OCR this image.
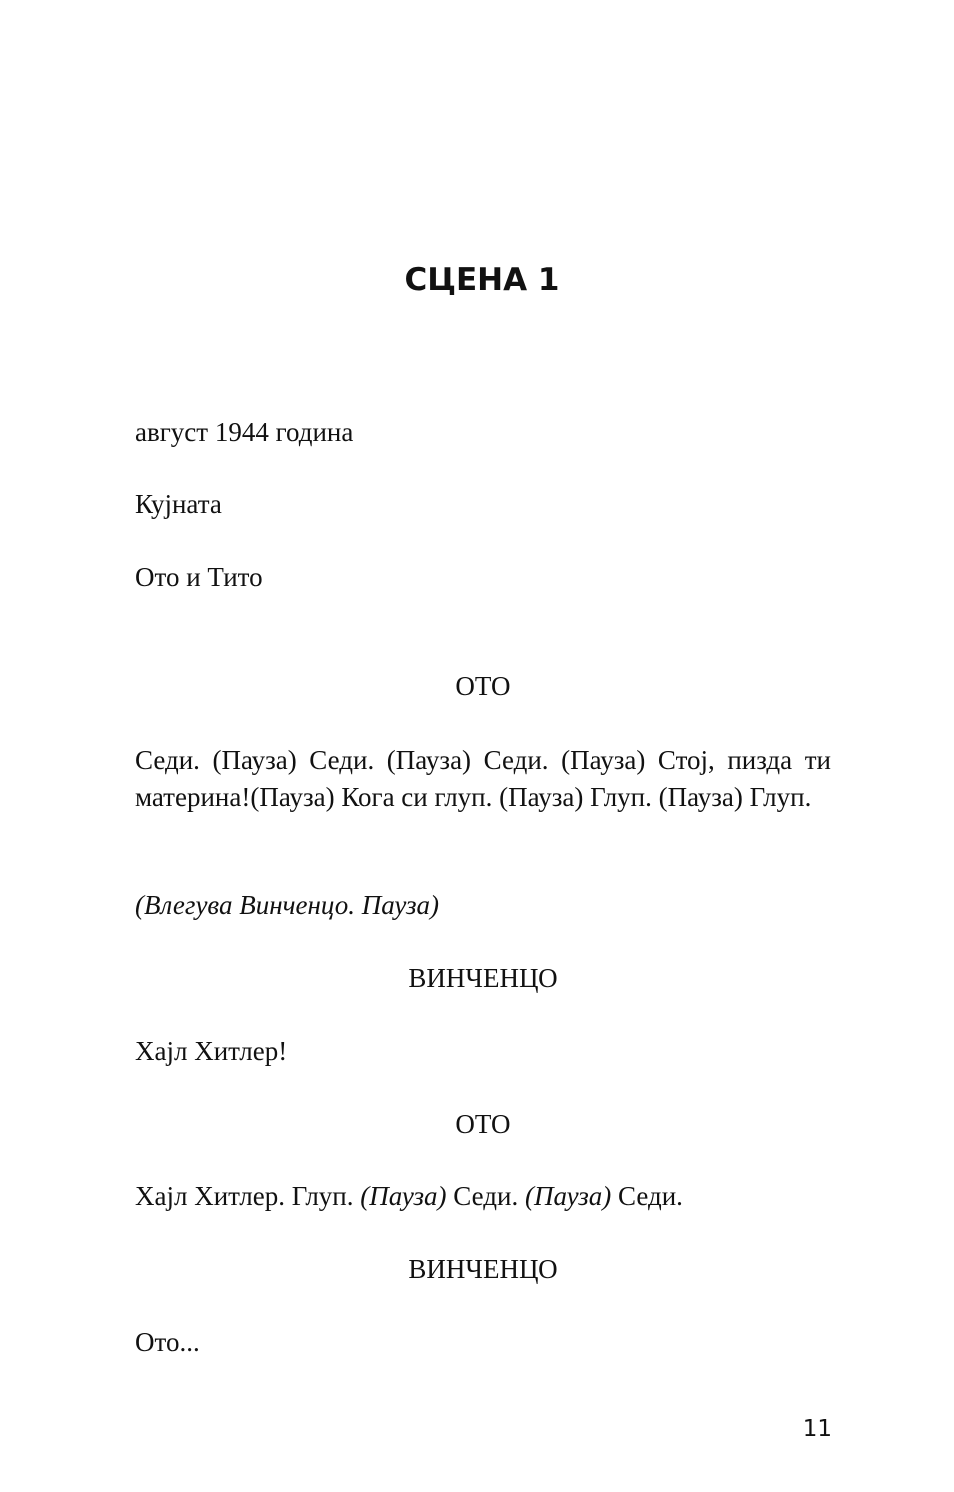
СЦЕНА 1

август 1944 година

Кујната

Ото и Тито

ОТО

Седи. (Пауза) Седи. (Пауза) Седи. (Пауза) Стој, пизда ти материна!(Пауза) Кога си глуп. (Пауза) Глуп. (Пауза) Глуп.

(Влегува Винченцо. Пауза)

ВИНЧЕНЦО

Хајл Хитлер!

ОТО

Хајл Хитлер. Глуп. (Пауза) Седи. (Пауза) Седи.

ВИНЧЕНЦО

Ото...

11
